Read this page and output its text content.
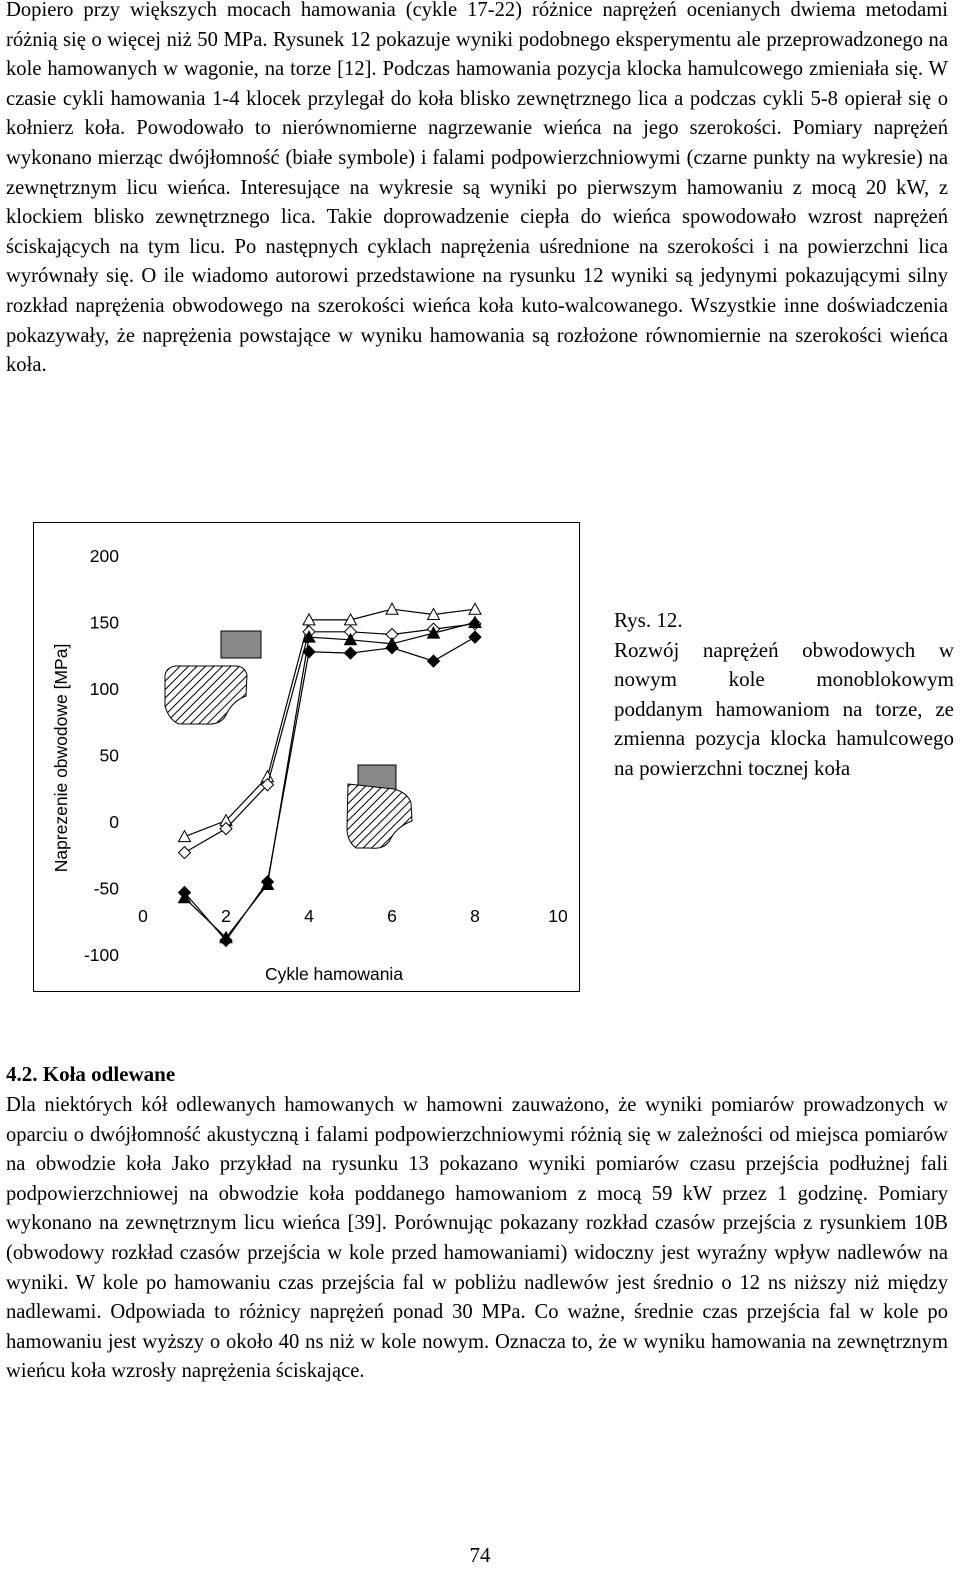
Dopiero przy większych mocach hamowania (cykle 17-22) różnice naprężeń ocenianych dwiema metodami różnią się o więcej niż 50 MPa. Rysunek 12 pokazuje wyniki podobnego eksperymentu ale przeprowadzonego na kole hamowanych w wagonie, na torze [12]. Podczas hamowania pozycja klocka hamulcowego zmieniała się. W czasie cykli hamowania 1-4 klocek przylegał do koła blisko zewnętrznego lica a podczas cykli 5-8 opierał się o kołnierz koła. Powodowało to nierównomierne nagrzewanie wieńca na jego szerokości. Pomiary naprężeń wykonano mierząc dwójłomność (białe symbole) i falami podpowierzchniowymi (czarne punkty na wykresie) na zewnętrznym licu wieńca. Interesujące na wykresie są wyniki po pierwszym hamowaniu z mocą 20 kW, z klockiem blisko zewnętrznego lica. Takie doprowadzenie ciepła do wieńca spowodowało wzrost naprężeń ściskających na tym licu. Po następnych cyklach naprężenia uśrednione na szerokości i na powierzchni lica wyrównały się. O ile wiadomo autorowi przedstawione na rysunku 12 wyniki są jedynymi pokazującymi silny rozkład naprężenia obwodowego na szerokości wieńca koła kuto-walcowanego. Wszystkie inne doświadczenia pokazywały, że naprężenia powstające w wyniku hamowania są rozłożone równomiernie na szerokości wieńca koła.

200
150
100
50
0
-50
-100
0	2	4	6	8	10
Naprezenie obwodowe [MPa]
Cykle hamowania
Rys. 12.
Rozwój naprężeń obwodowych w nowym kole monoblokowym poddanym hamowaniom na torze, ze zmienna pozycja klocka hamulcowego na powierzchni tocznej koła
4.2. Koła odlewane

Dla niektórych kół odlewanych hamowanych w hamowni zauważono, że wyniki pomiarów prowadzonych w oparciu o dwójłomność akustyczną i falami podpowierzchniowymi różnią się w zależności od miejsca pomiarów na obwodzie koła Jako przykład na rysunku 13 pokazano wyniki pomiarów czasu przejścia podłużnej fali podpowierzchniowej na obwodzie koła poddanego hamowaniom z mocą 59 kW przez 1 godzinę. Pomiary wykonano na zewnętrznym licu wieńca [39]. Porównując pokazany rozkład czasów przejścia z rysunkiem 10B (obwodowy rozkład czasów przejścia w kole przed hamowaniami) widoczny jest wyraźny wpływ nadlewów na wyniki. W kole po hamowaniu czas przejścia fal w pobliżu nadlewów jest średnio o 12 ns niższy niż między nadlewami. Odpowiada to różnicy naprężeń ponad 30 MPa. Co ważne, średnie czas przejścia fal w kole po hamowaniu jest wyższy o około 40 ns niż w kole nowym. Oznacza to, że w wyniku hamowania na zewnętrznym wieńcu koła wzrosły naprężenia ściskające.

74
